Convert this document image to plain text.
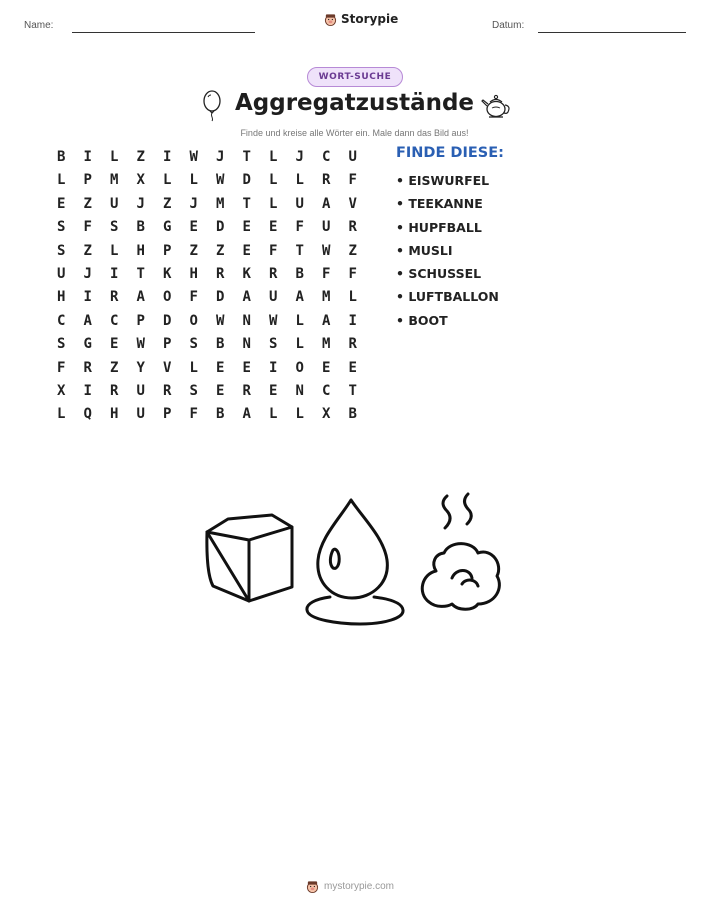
Name:	Storypie	Datum:
WORT-SUCHE
Aggregatzustände
Finde und kreise alle Wörter ein. Male dann das Bild aus!
B	I	L	Z	I	W	J	T	L	J	C	U
L	P	M	X	L	L	W	D	L	L	R	F
E	Z	U	J	Z	J	M	T	L	U	A	V
S	F	S	B	G	E	D	E	E	F	U	R
S	Z	L	H	P	Z	Z	E	F	T	W	Z
U	J	I	T	K	H	R	K	R	B	F	F
H	I	R	A	O	F	D	A	U	A	M	L
C	A	C	P	D	O	W	N	W	L	A	I
S	G	E	W	P	S	B	N	S	L	M	R
F	R	Z	Y	V	L	E	E	I	O	E	E
X	I	R	U	R	S	E	R	E	N	C	T
L	Q	H	U	P	F	B	A	L	L	X	B
FINDE DIESE:
• EISWURFEL
• TEEKANNE
• HUPFBALL
• MUSLI
• SCHUSSEL
• LUFTBALLON
• BOOT
mystorypie.com
